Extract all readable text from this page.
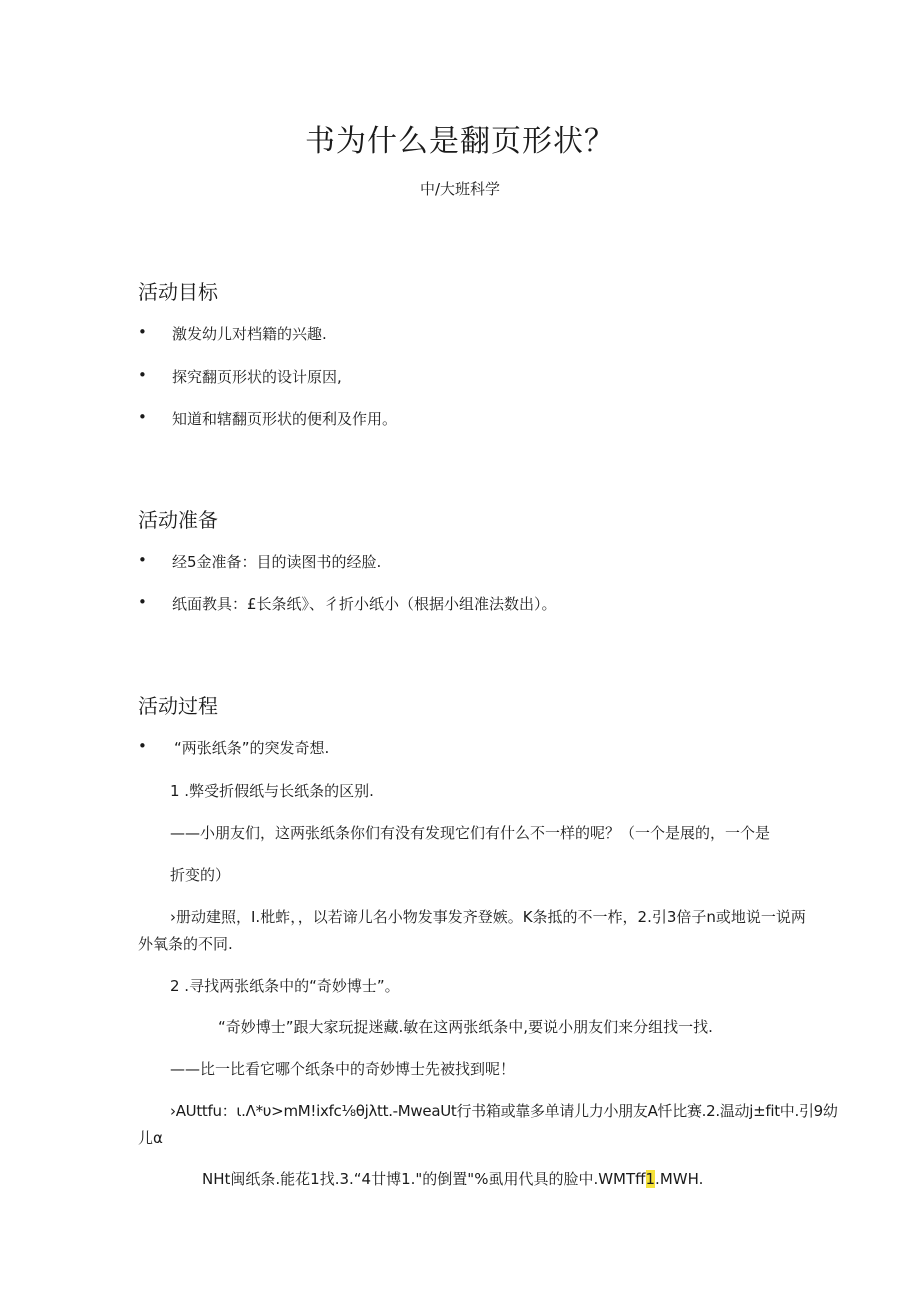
书为什么是翻页形状？
中/大班科学
活动目标
• 激发幼儿对档籍的兴趣.
• 探究翻页形状的设计原因,
• 知道和辖翻页形状的便利及作用。
活动准备
• 经5金准备：目的读图书的经脸.
• 纸面教具：£长条纸》、彳折小纸小（根据小组准法数出）。
活动过程
• “两张纸条”的突发奇想.
1 .弊受折假纸与长纸条的区别.
——小朋友们，这两张纸条你们有没有发现它们有什么不一样的呢？（一个是展的，一个是
折变的）
›册动建照，I.枇蚱，，以若谛儿名小物发事发齐登嫉。K条抵的不一柞，2.引3倍子n或地说一说两
外氧条的不同.
2 .寻找两张纸条中的“奇妙博士”。
“奇妙博士”跟大家玩捉迷藏.敏在这两张纸条中,要说小朋友们来分组找一找.
——比一比看它哪个纸条中的奇妙博士先被找到呢！
›AUttfu：ι.Λ*υ>mM!ixfc⅛θjλtt.-MweaUt行书箱或靠多单请儿力小朋友A忏比赛.2.温动j±fit中.引9幼
儿α
NHt闽纸条.能花1找.3.“4廿博1."的倒置"%虱用代具的脸中.WMTff1.MWH.
